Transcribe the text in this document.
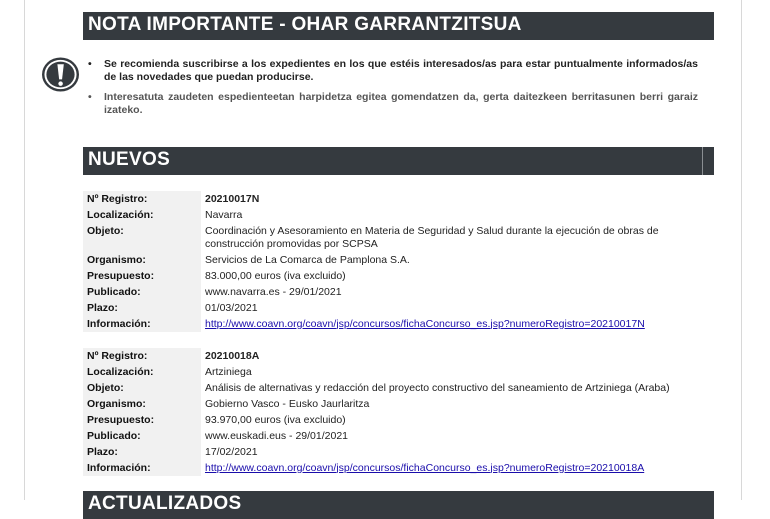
NOTA IMPORTANTE - OHAR GARRANTZITSUA
• Se recomienda suscribirse a los expedientes en los que estéis interesados/as para estar puntualmente informados/as de las novedades que puedan producirse.
• Interesatuta zaudeten espedienteetan harpidetza egitea gomendatzen da, gerta daitezkeen berritasunen berri garaiz izateko.
NUEVOS
Nº Registro:	20210017N
Localización:	Navarra
Objeto:	Coordinación y Asesoramiento en Materia de Seguridad y Salud durante la ejecución de obras de construcción promovidas por SCPSA
Organismo:	Servicios de La Comarca de Pamplona S.A.
Presupuesto:	83.000,00 euros (iva excluido)
Publicado:	www.navarra.es - 29/01/2021
Plazo:	01/03/2021
Información:	http://www.coavn.org/coavn/jsp/concursos/fichaConcurso_es.jsp?numeroRegistro=20210017N
Nº Registro:	20210018A
Localización:	Artziniega
Objeto:	Análisis de alternativas y redacción del proyecto constructivo del saneamiento de Artziniega (Araba)
Organismo:	Gobierno Vasco - Eusko Jaurlaritza
Presupuesto:	93.970,00 euros (iva excluido)
Publicado:	www.euskadi.eus - 29/01/2021
Plazo:	17/02/2021
Información:	http://www.coavn.org/coavn/jsp/concursos/fichaConcurso_es.jsp?numeroRegistro=20210018A
ACTUALIZADOS
